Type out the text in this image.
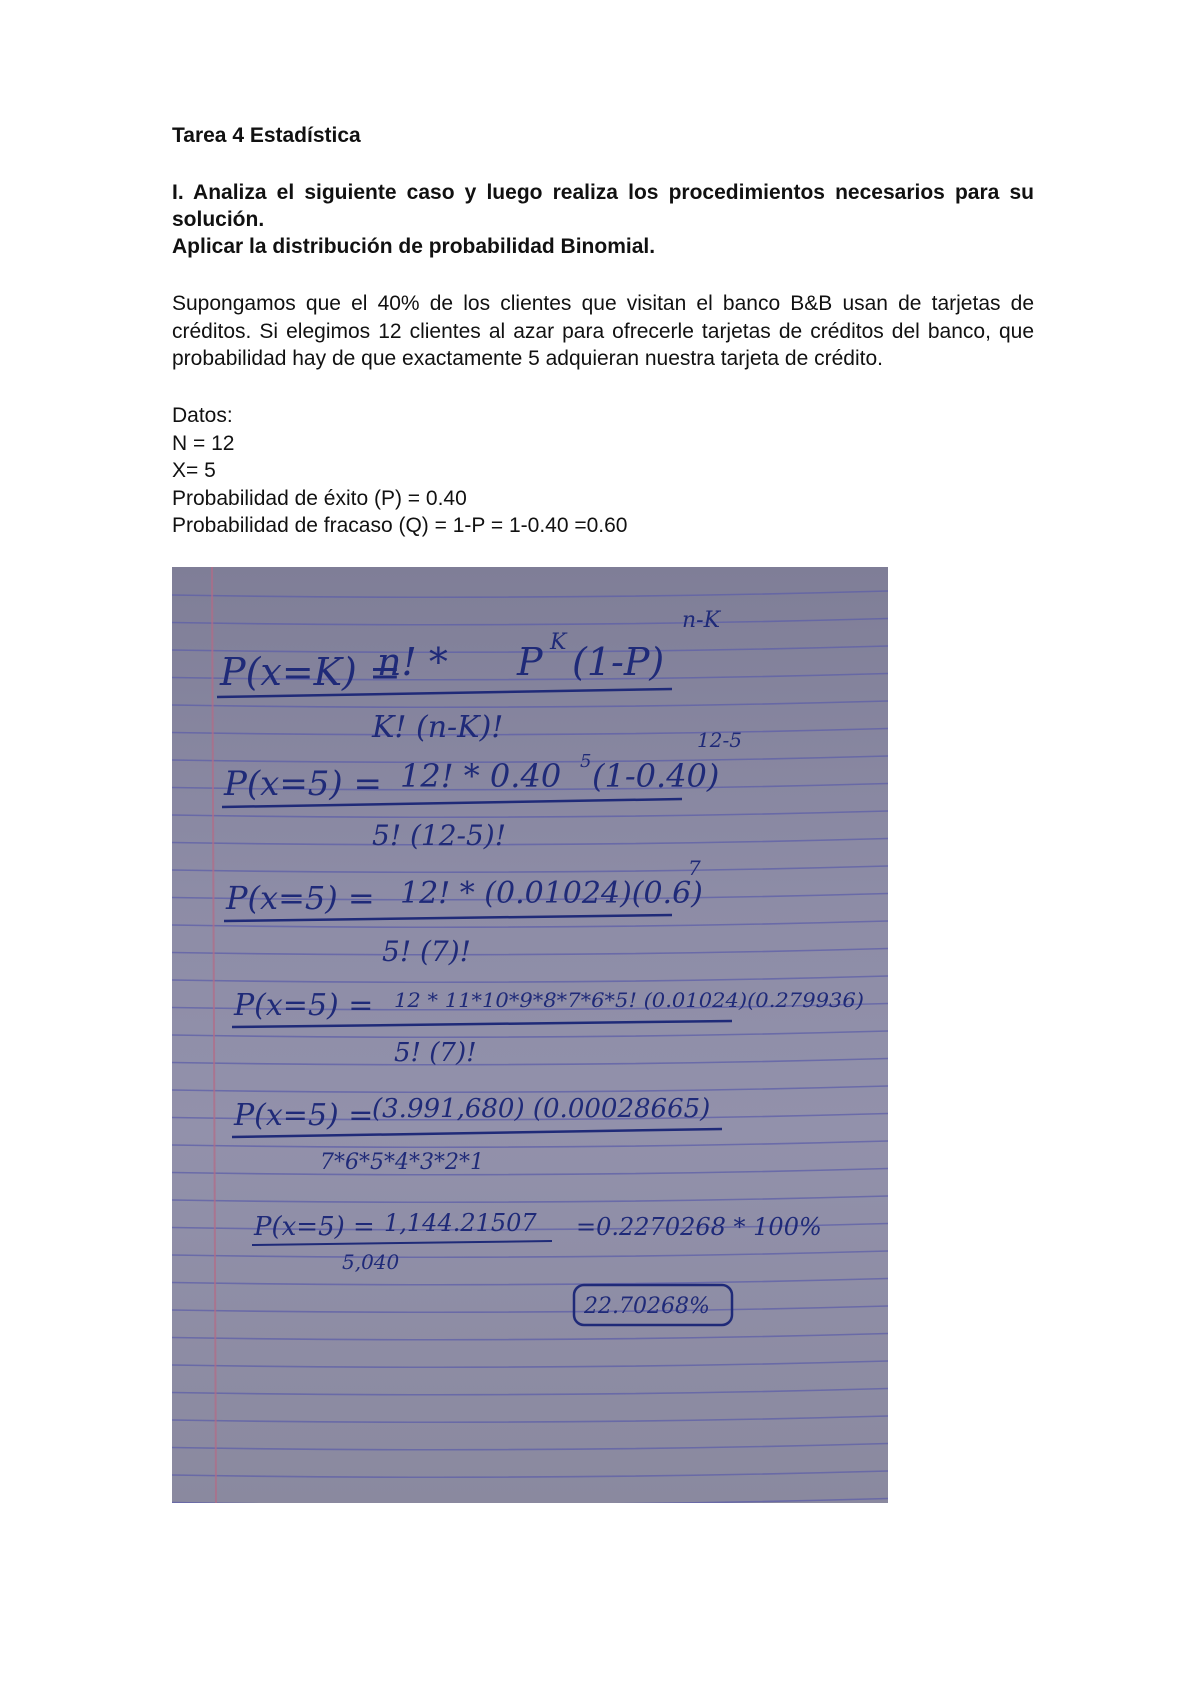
Tarea 4 Estadística

I. Analiza el siguiente caso y luego realiza los procedimientos necesarios para su solución.

Aplicar la distribución de probabilidad Binomial.

Supongamos que el 40% de los clientes que visitan el banco B&B usan de tarjetas de créditos. Si elegimos 12 clientes al azar para ofrecerle tarjetas de créditos del banco, que probabilidad hay de que exactamente 5 adquieran nuestra tarjeta de crédito.

Datos:
N = 12
X= 5
Probabilidad de éxito (P) = 0.40
Probabilidad de fracaso (Q) = 1-P = 1-0.40 =0.60
P(x=K) =
n! * P K (1-P)
n-K
K! (n-K)!
P(x=5) = 12! * 0.40 5 (1-0.40)
12-5
5! (12-5)!
P(x=5) = 12! * (0.01024)(0.6)
7
5! (7)!
P(x=5) = 12 * 11*10*9*8*7*6*5! (0.01024)(0.279936)
5! (7)!
P(x=5) =
(3.991,680) (0.00028665)
7*6*5*4*3*2*1
P(x=5) = 1,144.21507 =0.2270268 * 100%
5,040
22.70268%
